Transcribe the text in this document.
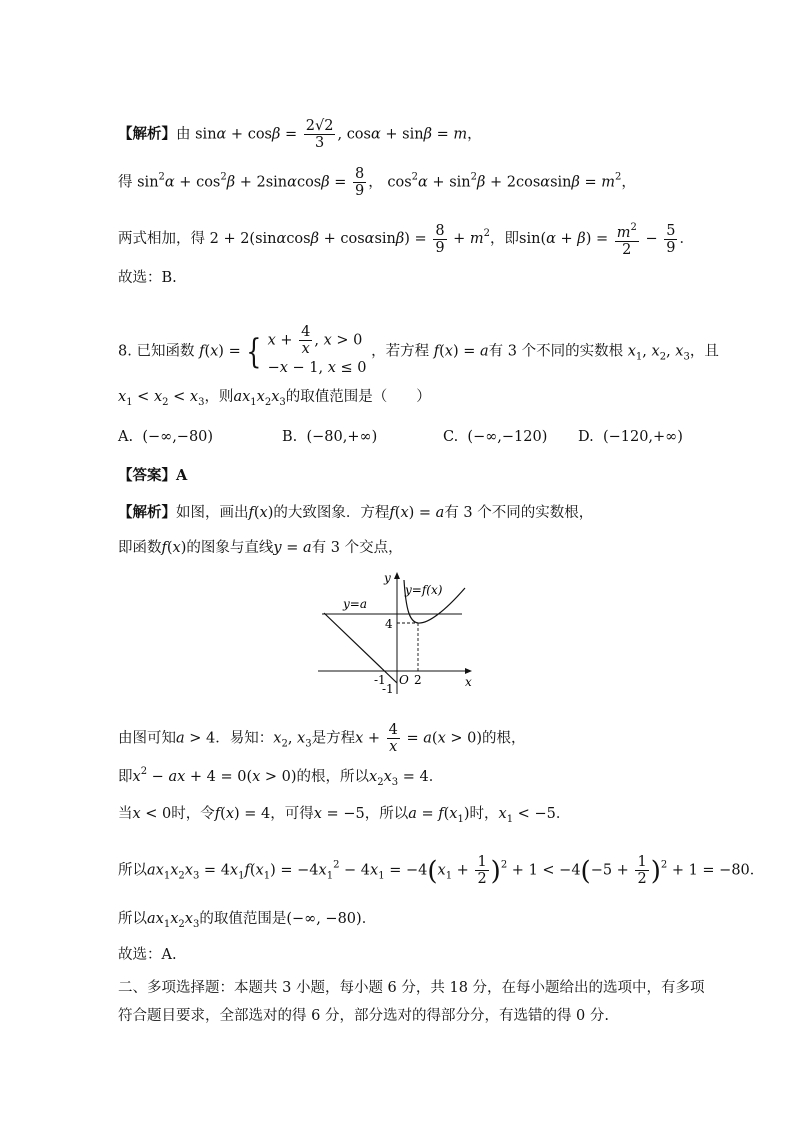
【解析】由 $\sin\alpha + \cos\beta = \frac{2√2}{3}$ , cosα + sinβ = m，
得 $\sin^2\alpha + \cos^2\beta + 2\sin\alpha\cos\beta = \frac{8}{9}$ ， $\cos^2\alpha + \sin^2\beta + 2\cos\alpha\sin\beta = m^2$，
两式相加，得 $2 + 2(\sin\alpha\cos\beta + \cos\alpha\sin\beta) = \frac{8}{9} + m^2$，即$\sin(\alpha + \beta) = \frac{m^2}{2} - \frac{5}{9}$ ．
故选：B.
8. 已知函数 f(x) = { $x + \frac{4}{x}$ , x > 0
−x − 1, x ≤ 0
，若方程 f(x) = a有 3 个不同的实数根 $x_1$, $x_2$, $x_3$，且
$x_1 < x_2 < x_3$，则$ax_1x_2x_3$的取值范围是（　　）
A. (−∞,−80)	B. (−80,+∞)	C. (−∞,−120) D. (−120,+∞)
【答案】A
【解析】如图，画出f(x)的大致图象．方程f(x) = a有 3 个不同的实数根，
即函数f(x)的图象与直线y = a有 3 个交点，
y
x
y=f(x)
y=a
4
O
-1
-1
2
由图可知a > 4．易知：$x_2$, $x_3$是方程$x + \frac{4}{x} = a(x > 0)$的根，
即$x^2$ − ax + 4 = 0(x > 0)的根，所以$x_2x_3 = 4$．
当x < 0时，令f(x) = 4，可得x = −5，所以$a = f(x_1)$时，$x_1 < -5$．
所以$ax_1x_2x_3 = 4x_1f(x_1) = -4x_1^2 - 4x_1 = -4(x_1 + \frac{1}{2} )^2 + 1 < -4(-5 + \frac{1}{2} )^2 + 1 = -80$．
所以$ax_1x_2x_3$的取值范围是(−∞, −80)．
故选：A.
二、多项选择题：本题共 3 小题，每小题 6 分，共 18 分，在每小题给出的选项中，有多项
符合题目要求，全部选对的得 6 分，部分选对的得部分分，有选错的得 0 分.
